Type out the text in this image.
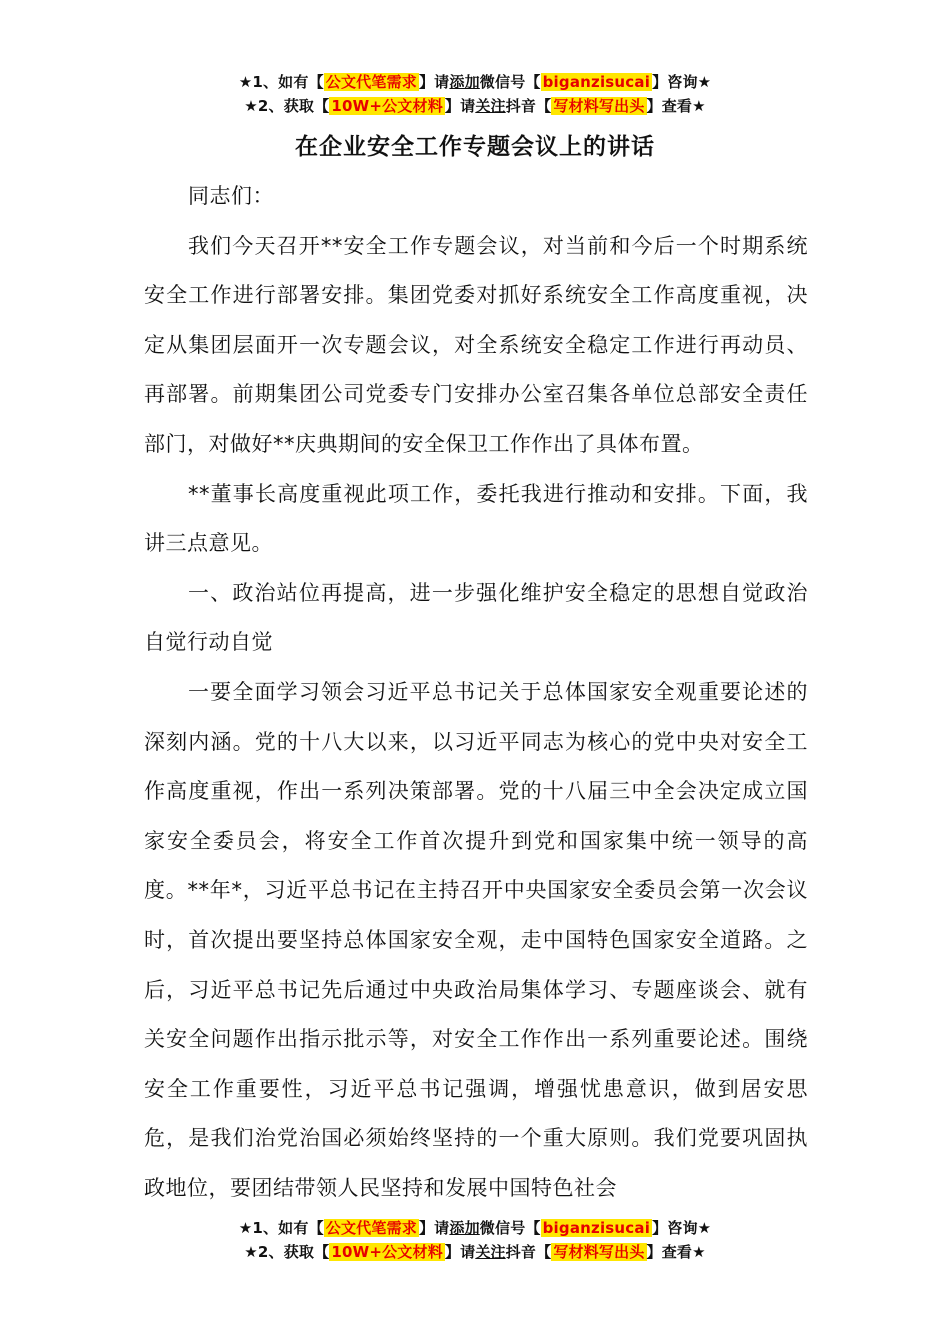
★1、如有【 公文代笔需求 】请添加微信号【 biganzisucai 】咨询★
★2、获取【 10W+公文材料 】请关注抖音【 写材料写出头 】查看★
在企业安全工作专题会议上的讲话

同志们：

我们今天召开**安全工作专题会议，对当前和今后一个时期系统安全工作进行部署安排。集团党委对抓好系统安全工作高度重视，决定从集团层面开一次专题会议，对全系统安全稳定工作进行再动员、再部署。前期集团公司党委专门安排办公室召集各单位总部安全责任部门，对做好**庆典期间的安全保卫工作作出了具体布置。

**董事长高度重视此项工作，委托我进行推动和安排。下面，我讲三点意见。

一、政治站位再提高，进一步强化维护安全稳定的思想自觉政治自觉行动自觉

一要全面学习领会习近平总书记关于总体国家安全观重要论述的深刻内涵。党的十八大以来，以习近平同志为核心的党中央对安全工作高度重视，作出一系列决策部署。党的十八届三中全会决定成立国家安全委员会，将安全工作首次提升到党和国家集中统一领导的高度。**年*，习近平总书记在主持召开中央国家安全委员会第一次会议时，首次提出要坚持总体国家安全观，走中国特色国家安全道路。之后，习近平总书记先后通过中央政治局集体学习、专题座谈会、就有关安全问题作出指示批示等，对安全工作作出一系列重要论述。围绕安全工作重要性，习近平总书记强调，增强忧患意识，做到居安思危，是我们治党治国必须始终坚持的一个重大原则。我们党要巩固执政地位，要团结带领人民坚持和发展中国特色社会

★1、如有【 公文代笔需求 】请添加微信号【 biganzisucai 】咨询★
★2、获取【 10W+公文材料 】请关注抖音【 写材料写出头 】查看★
